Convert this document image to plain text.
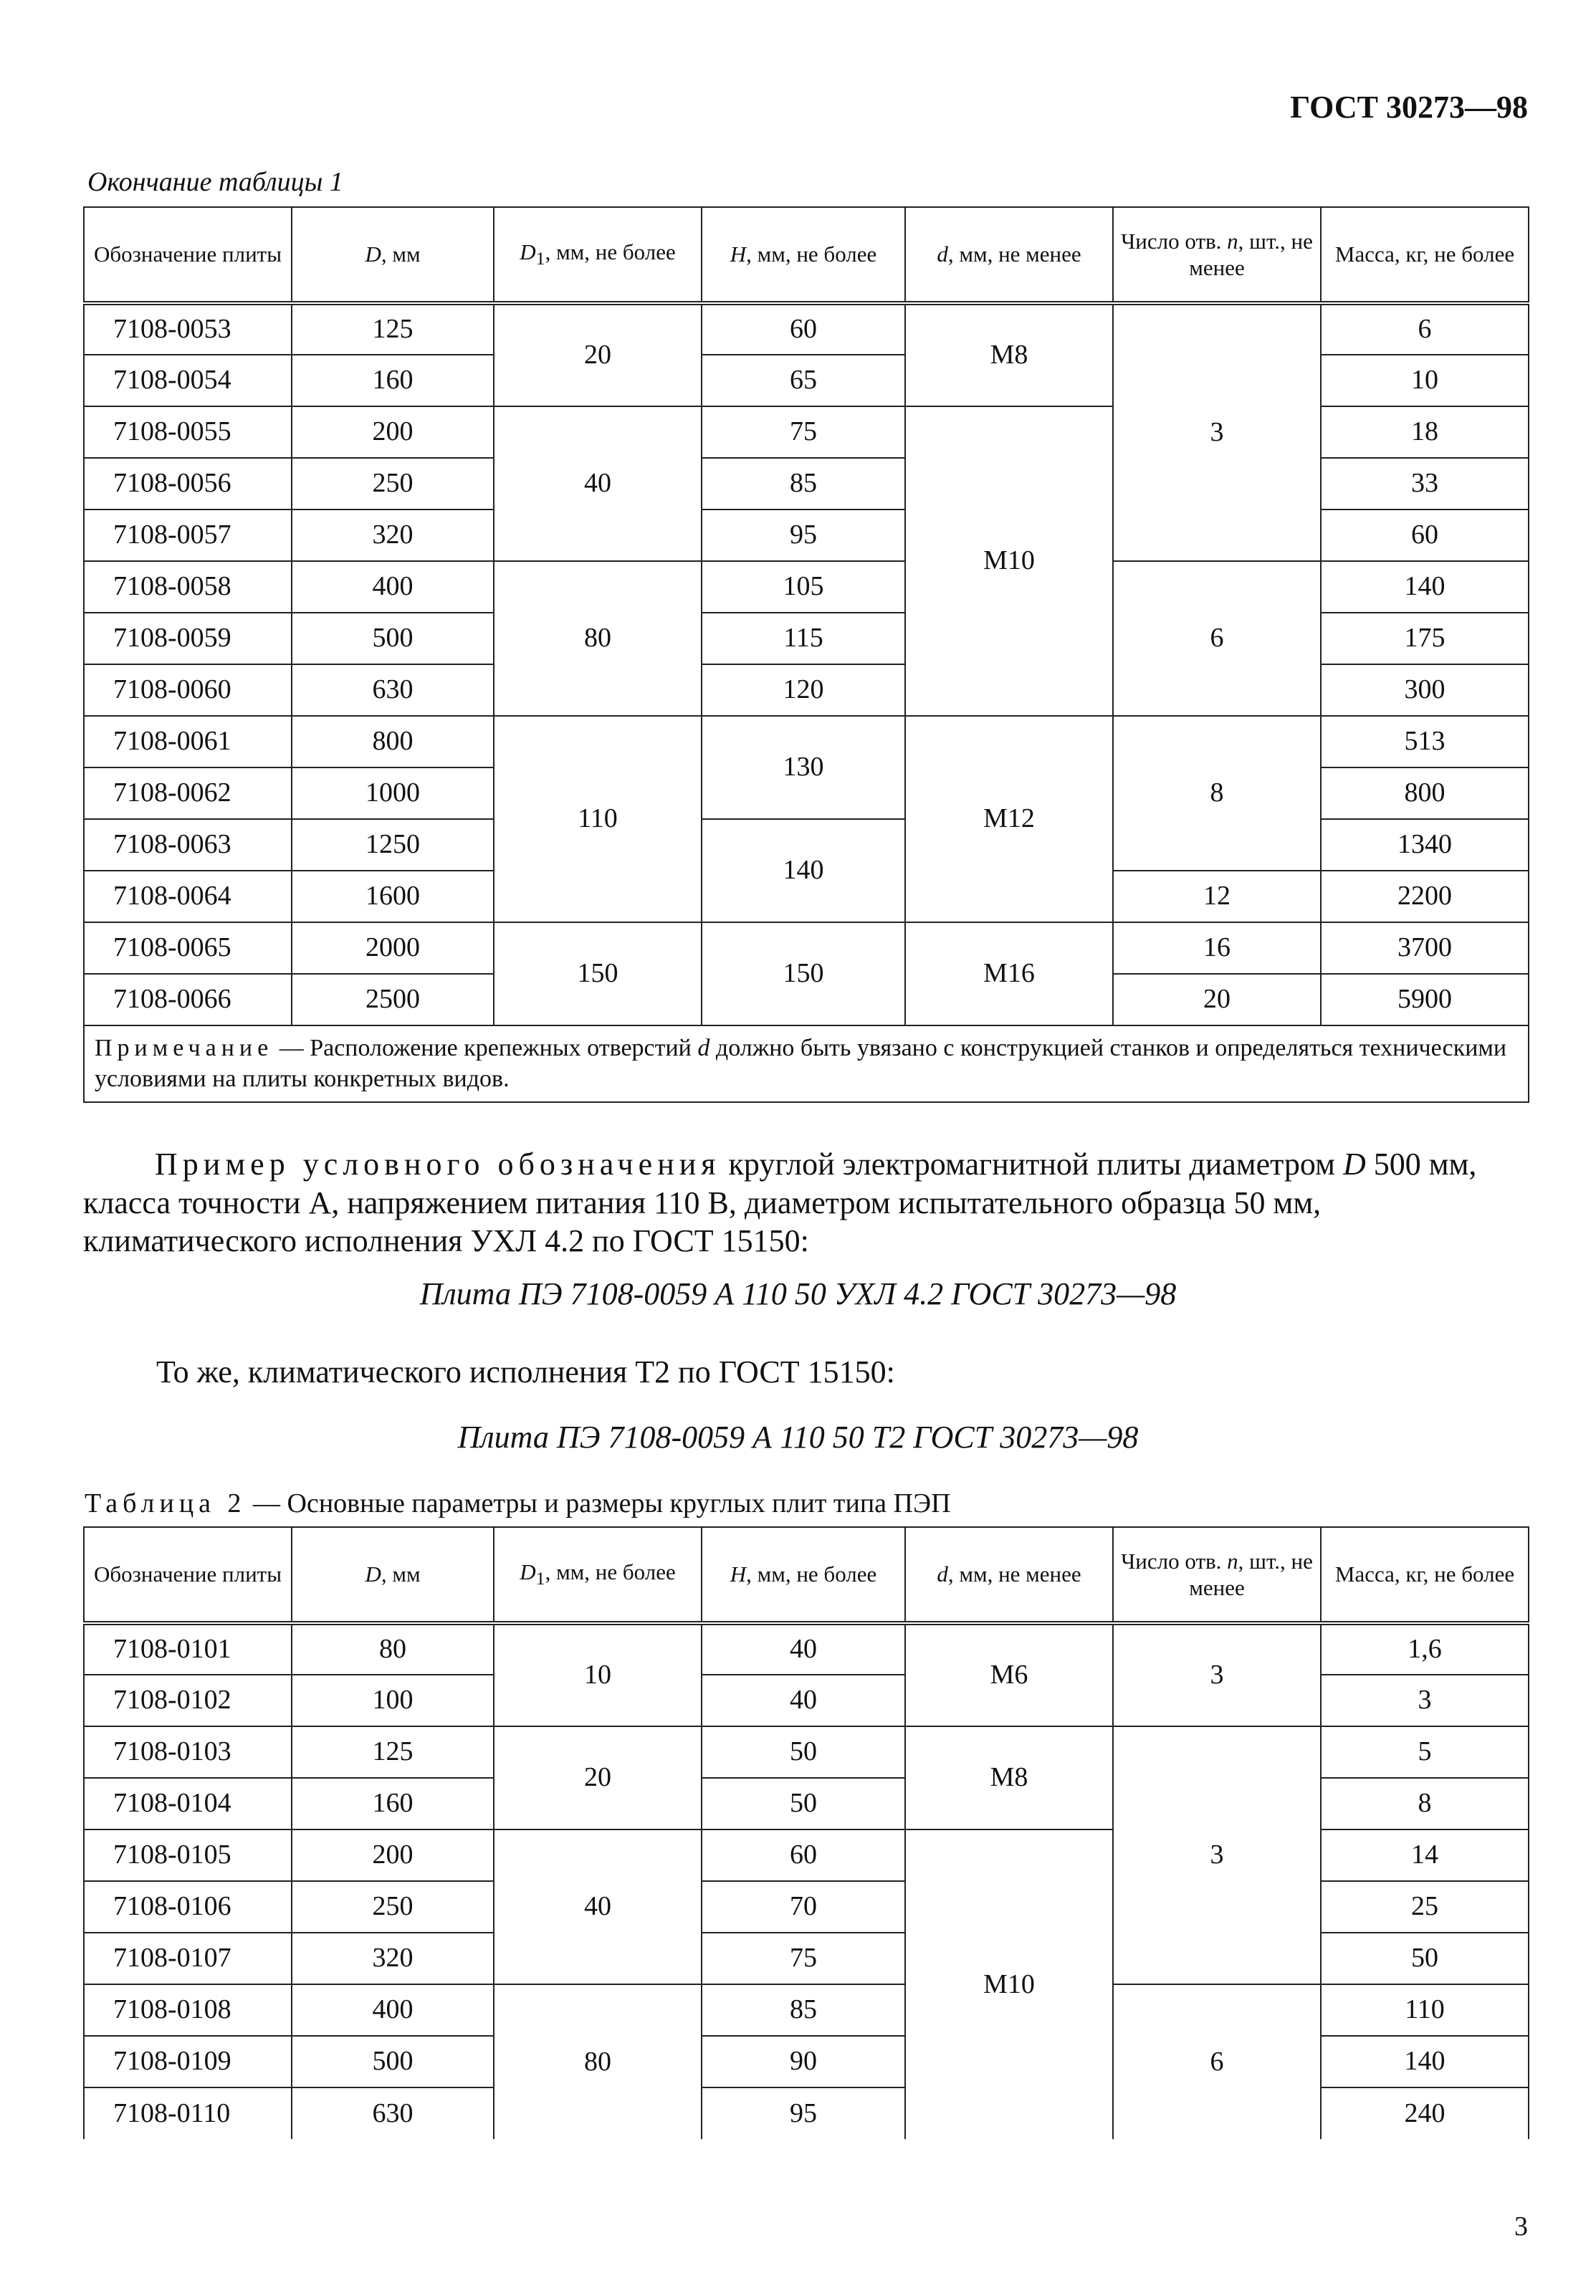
ГОСТ 30273—98
Окончание таблицы 1
Обозначение плиты	D, мм	$D_1$, мм, не более	H, мм, не более	d, мм, не менее	Число отв. n, шт., не менее	Масса, кг, не более
7108-0053	125	20	60	М8	3	6
7108-0054	160		65			10
7108-0055	200	40	75	М10		18
7108-0056	250		85			33
7108-0057	320		95			60
7108-0058	400	80	105		6	140
7108-0059	500		115			175
7108-0060	630		120			300
7108-0061	800	110	130	М12	8	513
7108-0062	1000					800
7108-0063	1250		140			1340
7108-0064	1600				12	2200
7108-0065	2000	150	150	М16	16	3700
7108-0066	2500				20	5900
Примечание — Расположение крепежных отверстий d должно быть увязано с конструкцией станков и определяться техническими условиями на плиты конкретных видов.						
Пример условного обозначения круглой электромагнитной плиты диаметром D 500 мм, класса точности А, напряжением питания 110 В, диаметром испытательного образца 50 мм, климатического исполнения УХЛ 4.2 по ГОСТ 15150:
Плита ПЭ 7108-0059 А 110 50 УХЛ 4.2 ГОСТ 30273—98
То же, климатического исполнения Т2 по ГОСТ 15150:
Плита ПЭ 7108-0059 А 110 50 Т2 ГОСТ 30273—98
Таблица 2 — Основные параметры и размеры круглых плит типа ПЭП
Обозначение плиты	D, мм	$D_1$, мм, не более	H, мм, не более	d, мм, не менее	Число отв. n, шт., не менее	Масса, кг, не более
7108-0101	80	10	40	М6	3	1,6
7108-0102	100		40			3
7108-0103	125	20	50	М8	3	5
7108-0104	160		50			8
7108-0105	200	40	60	М10		14
7108-0106	250		70			25
7108-0107	320		75			50
7108-0108	400	80	85		6	110
7108-0109	500		90			140
7108-0110	630		95			240
3
